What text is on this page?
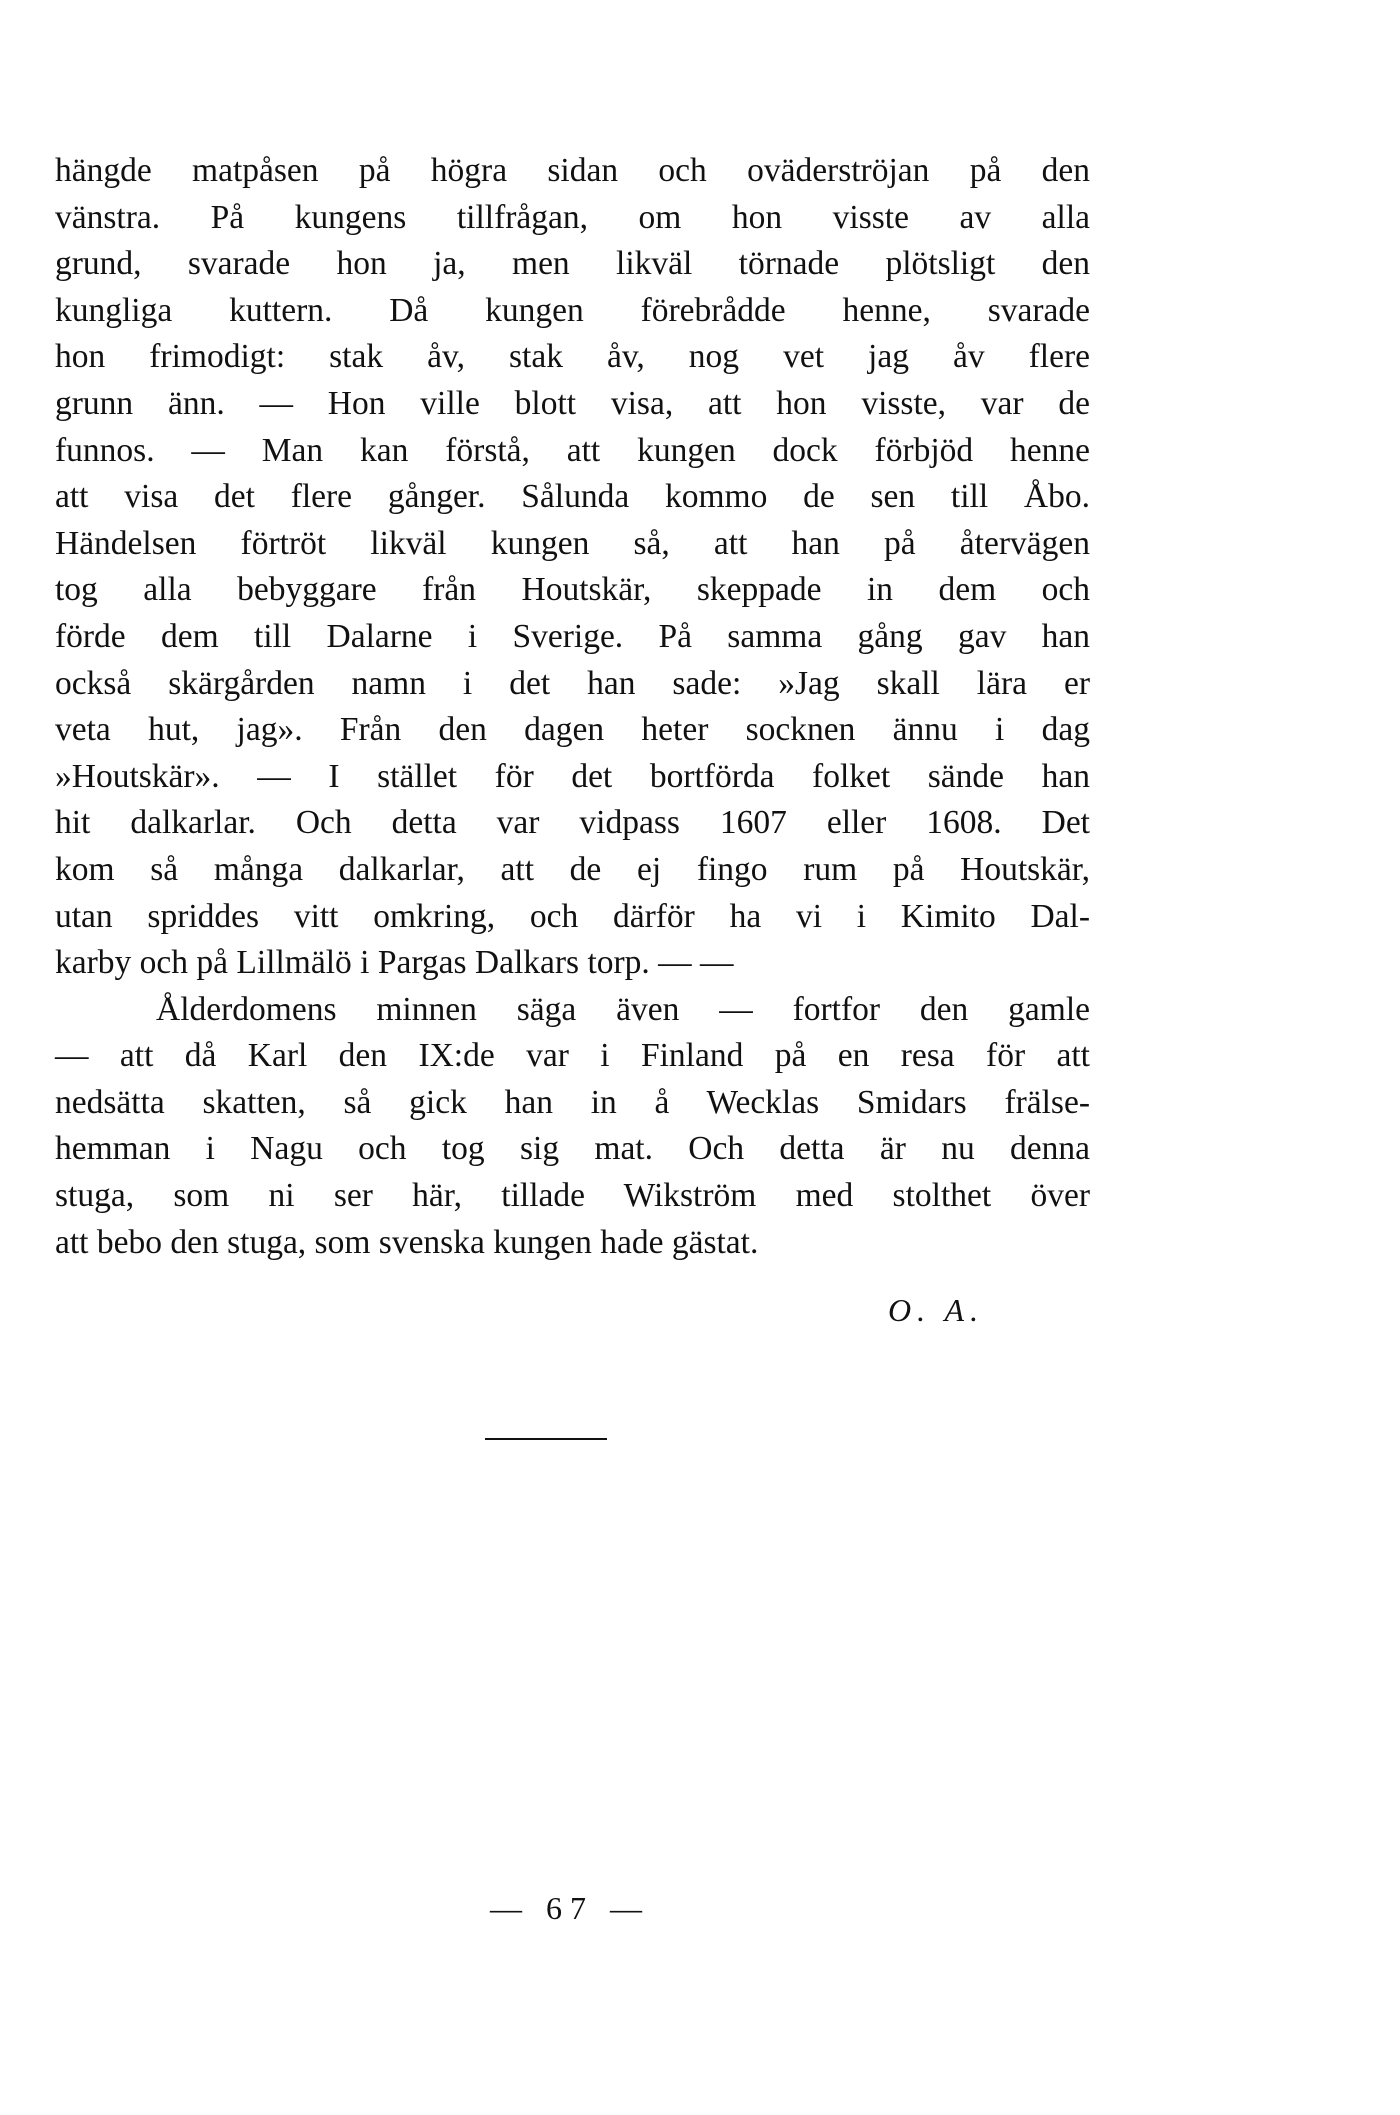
hängde matpåsen på högra sidan och oväderströjan på den
vänstra. På kungens tillfrågan, om hon visste av alla
grund, svarade hon ja, men likväl törnade plötsligt den
kungliga kuttern. Då kungen förebrådde henne, svarade
hon frimodigt: stak åv, stak åv, nog vet jag åv flere
grunn änn. — Hon ville blott visa, att hon visste, var de
funnos. — Man kan förstå, att kungen dock förbjöd henne
att visa det flere gånger. Sålunda kommo de sen till Åbo.
Händelsen förtröt likväl kungen så, att han på återvägen
tog alla bebyggare från Houtskär, skeppade in dem och
förde dem till Dalarne i Sverige. På samma gång gav han
också skärgården namn i det han sade: »Jag skall lära er
veta hut, jag». Från den dagen heter socknen ännu i dag
»Houtskär». — I stället för det bortförda folket sände han
hit dalkarlar. Och detta var vidpass 1607 eller 1608. Det
kom så många dalkarlar, att de ej fingo rum på Houtskär,
utan spriddes vitt omkring, och därför ha vi i Kimito Dal-
karby och på Lillmälö i Pargas Dalkars torp. — —
Ålderdomens minnen säga även — fortfor den gamle
— att då Karl den IX:de var i Finland på en resa för att
nedsätta skatten, så gick han in å Wecklas Smidars frälse-
hemman i Nagu och tog sig mat. Och detta är nu denna
stuga, som ni ser här, tillade Wikström med stolthet över
att bebo den stuga, som svenska kungen hade gästat.
O. A.
— 67 —
